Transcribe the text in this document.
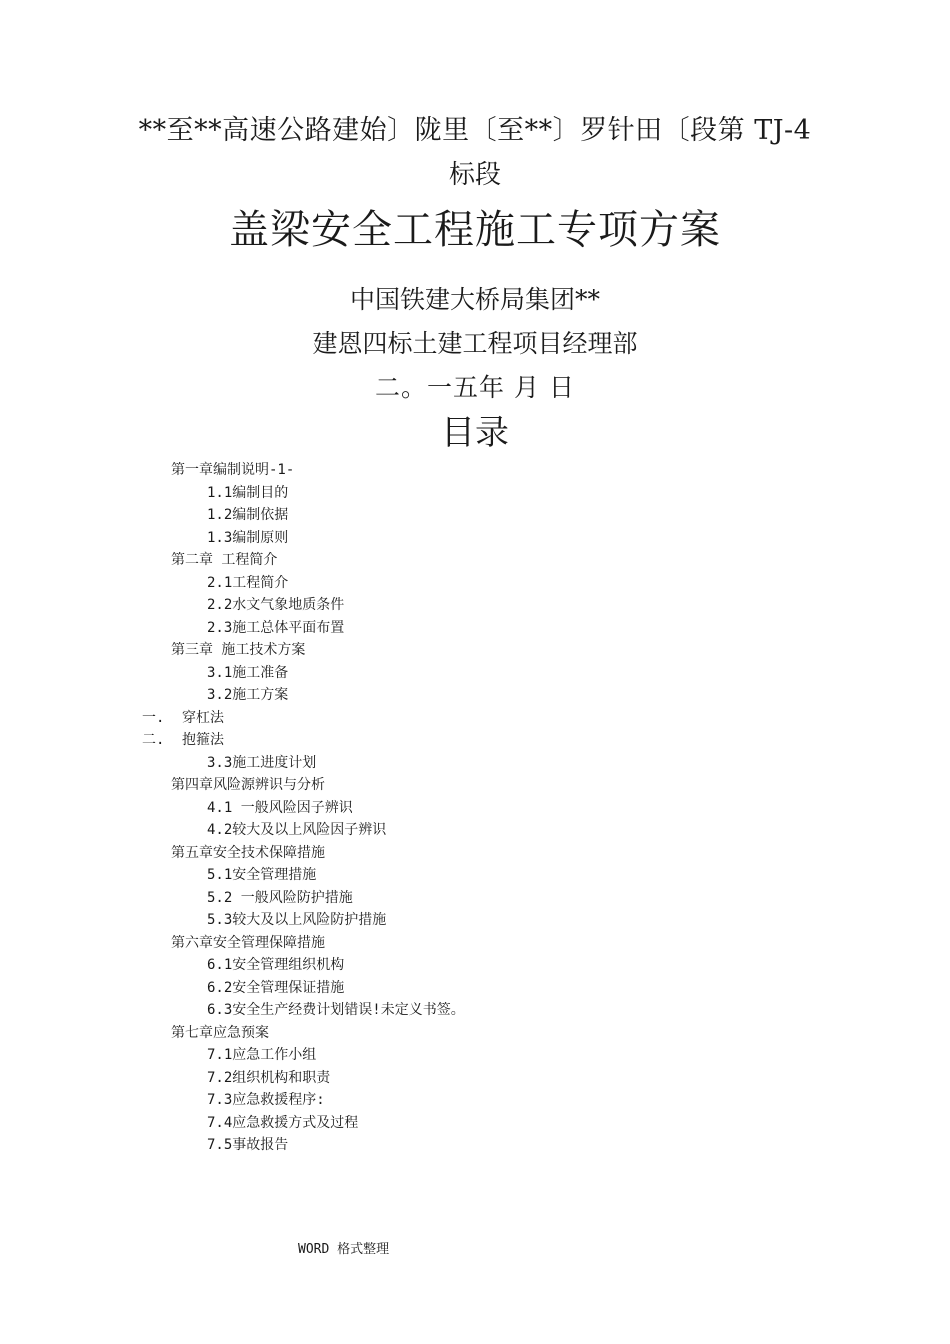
**至**高速公路建始〕陇里〔至**〕罗针田〔段第 TJ-4
标段
盖梁安全工程施工专项方案
中国铁建大桥局集团**
建恩四标土建工程项目经理部
二。一五年 月 日
目录
第一章编制说明-1-
1.1编制目的
1.2编制依据
1.3编制原则
第二章 工程简介
2.1工程简介
2.2水文气象地质条件
2.3施工总体平面布置
第三章 施工技术方案
3.1施工准备
3.2施工方案
一. 穿杠法
二. 抱箍法
3.3施工进度计划
第四章风险源辨识与分析
4.1 一般风险因子辨识
4.2较大及以上风险因子辨识
第五章安全技术保障措施
5.1安全管理措施
5.2 一般风险防护措施
5.3较大及以上风险防护措施
第六章安全管理保障措施
6.1安全管理组织机构
6.2安全管理保证措施
6.3安全生产经费计划错误!未定义书签。
第七章应急预案
7.1应急工作小组
7.2组织机构和职责
7.3应急救援程序:
7.4应急救援方式及过程
7.5事故报告
WORD 格式整理
